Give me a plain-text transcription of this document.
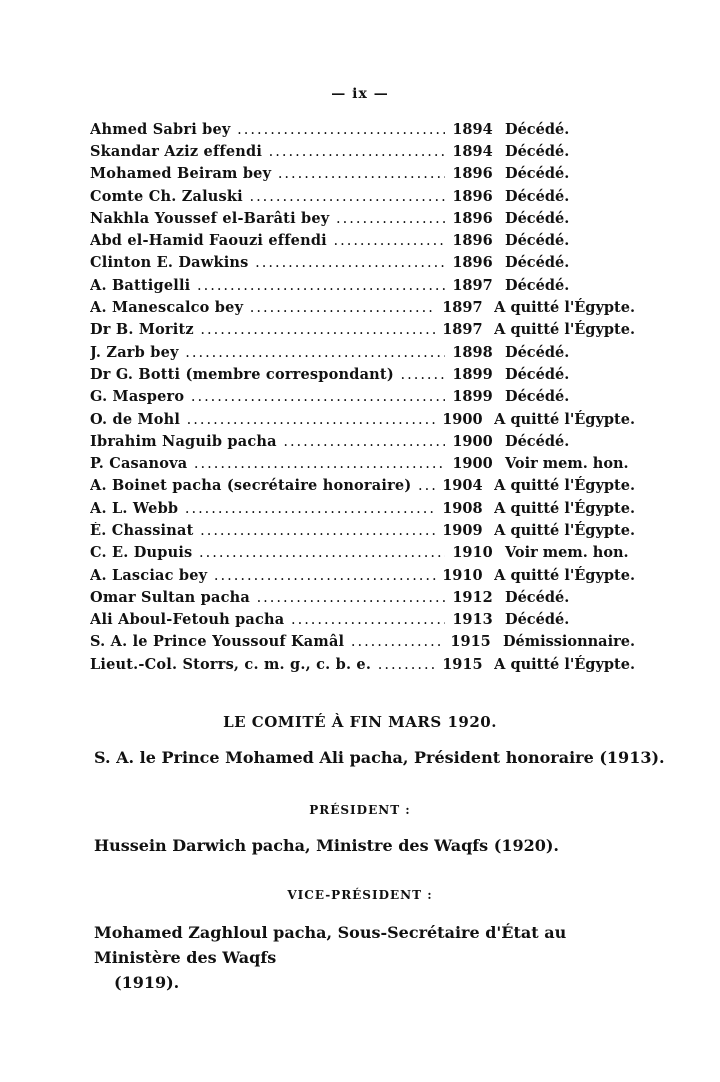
— ix —
Ahmed Sabri bey .....	1894 Décédé.
Skandar Aziz effendi .....	1894 Décédé.
Mohamed Beiram bey .....	1896 Décédé.
Comte Ch. Zaluski .....	1896 Décédé.
Nakhla Youssef el-Barâti bey .....	1896 Décédé.
Abd el-Hamid Faouzi effendi .....	1896 Décédé.
Clinton E. Dawkins .....	1896 Décédé.
A. Battigelli .....	1897 Décédé.
A. Manescalco bey .....	1897 A quitté l'Égypte.
Dr B. Moritz .....	1897 A quitté l'Égypte.
J. Zarb bey .....	1898 Décédé.
Dr G. Botti (membre correspondant) .....	1899 Décédé.
G. Maspero .....	1899 Décédé.
O. de Mohl .....	1900 A quitté l'Égypte.
Ibrahim Naguib pacha .....	1900 Décédé.
P. Casanova .....	1900 Voir mem. hon.
A. Boinet pacha (secrétaire honoraire) .....	1904 A quitté l'Égypte.
A. L. Webb .....	1908 A quitté l'Égypte.
É. Chassinat .....	1909 A quitté l'Égypte.
C. E. Dupuis .....	1910 Voir mem. hon.
A. Lasciac bey .....	1910 A quitté l'Égypte.
Omar Sultan pacha .....	1912 Décédé.
Ali Aboul-Fetouh pacha .....	1913 Décédé.
S. A. le Prince Youssouf Kamâl .....	1915 Démissionnaire.
Lieut.-Col. Storrs, c. m. g., c. b. e. .....	1915 A quitté l'Égypte.
LE COMITÉ À FIN MARS 1920.
S. A. le Prince Mohamed Ali pacha, Président honoraire (1913).
PRÉSIDENT :
Hussein Darwich pacha, Ministre des Waqfs (1920).
VICE-PRÉSIDENT :
Mohamed Zaghloul pacha, Sous-Secrétaire d'État au Ministère des Waqfs
(1919).
